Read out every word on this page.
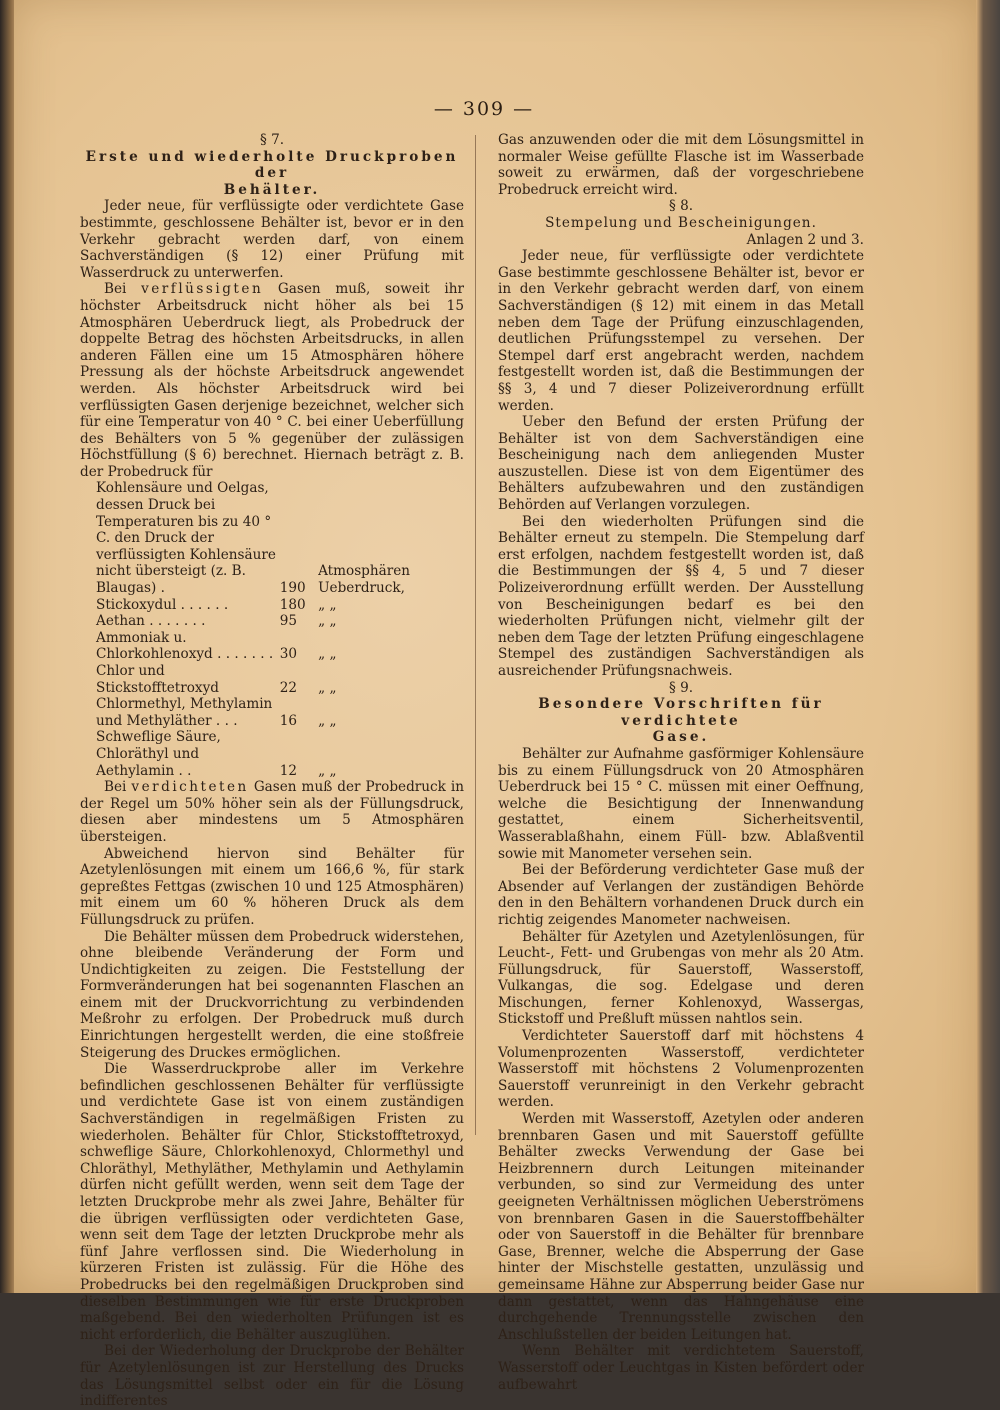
— 309 —

§ 7.

Erste und wiederholte Druckproben der

Behälter.

Jeder neue, für verflüssigte oder verdichtete Gase bestimmte, geschlossene Behälter ist, bevor er in den Verkehr gebracht werden darf, von einem Sachverständigen (§ 12) einer Prüfung mit Wasserdruck zu unterwerfen.

Bei verflüssigten Gasen muß, soweit ihr höchster Arbeitsdruck nicht höher als bei 15 Atmosphären Ueberdruck liegt, als Probedruck der doppelte Betrag des höchsten Arbeitsdrucks, in allen anderen Fällen eine um 15 Atmosphären höhere Pressung als der höchste Arbeitsdruck angewendet werden. Als höchster Arbeitsdruck wird bei verflüssigten Gasen derjenige bezeichnet, welcher sich für eine Temperatur von 40 ° C. bei einer Ueberfüllung des Behälters von 5 % gegenüber der zulässigen Höchstfüllung (§ 6) berechnet. Hiernach beträgt z. B. der Probedruck für

Kohlensäure und Oelgas, dessen Druck bei Temperaturen bis zu 40 ° C. den Druck der verflüssigten Kohlensäure nicht übersteigt (z. B. Blaugas) .	190	Atmosphären Ueberdruck,
Stickoxydul . . . . . .	180	„ „
Aethan . . . . . . .	95	„ „
Ammoniak u. Chlorkohlenoxyd . . . . . . .	30	„ „
Chlor und Stickstofftetroxyd	22	„ „
Chlormethyl, Methylamin und Methyläther . . .	16	„ „
Schweflige Säure, Chloräthyl und Aethylamin . .	12	„ „

Bei verdichteten Gasen muß der Probedruck in der Regel um 50% höher sein als der Füllungsdruck, diesen aber mindestens um 5 Atmosphären übersteigen.

Abweichend hiervon sind Behälter für Azetylenlösungen mit einem um 166,6 %, für stark gepreßtes Fettgas (zwischen 10 und 125 Atmosphären) mit einem um 60 % höheren Druck als dem Füllungsdruck zu prüfen.

Die Behälter müssen dem Probedruck widerstehen, ohne bleibende Veränderung der Form und Undichtigkeiten zu zeigen. Die Feststellung der Formveränderungen hat bei sogenannten Flaschen an einem mit der Druckvorrichtung zu verbindenden Meßrohr zu erfolgen. Der Probedruck muß durch Einrichtungen hergestellt werden, die eine stoßfreie Steigerung des Druckes ermöglichen.

Die Wasserdruckprobe aller im Verkehre befindlichen geschlossenen Behälter für verflüssigte und verdichtete Gase ist von einem zuständigen Sachverständigen in regelmäßigen Fristen zu wiederholen. Behälter für Chlor, Stickstofftetroxyd, schweflige Säure, Chlorkohlenoxyd, Chlormethyl und Chloräthyl, Methyläther, Methylamin und Aethylamin dürfen nicht gefüllt werden, wenn seit dem Tage der letzten Druckprobe mehr als zwei Jahre, Behälter für die übrigen verflüssigten oder verdichteten Gase, wenn seit dem Tage der letzten Druckprobe mehr als fünf Jahre verflossen sind. Die Wiederholung in kürzeren Fristen ist zulässig. Für die Höhe des Probedrucks bei den regelmäßigen Druckproben sind dieselben Bestimmungen wie für erste Druckproben maßgebend. Bei den wiederholten Prüfungen ist es nicht erforderlich, die Behälter auszuglühen.

Bei der Wiederholung der Druckprobe der Behälter für Azetylenlösungen ist zur Herstellung des Drucks das Lösungsmittel selbst oder ein für die Lösung indifferentes

Gas anzuwenden oder die mit dem Lösungsmittel in normaler Weise gefüllte Flasche ist im Wasserbade soweit zu erwärmen, daß der vorgeschriebene Probedruck erreicht wird.

§ 8.

Stempelung und Bescheinigungen.

Anlagen 2 und 3.

Jeder neue, für verflüssigte oder verdichtete Gase bestimmte geschlossene Behälter ist, bevor er in den Verkehr gebracht werden darf, von einem Sachverständigen (§ 12) mit einem in das Metall neben dem Tage der Prüfung einzuschlagenden, deutlichen Prüfungsstempel zu versehen. Der Stempel darf erst angebracht werden, nachdem festgestellt worden ist, daß die Bestimmungen der §§ 3, 4 und 7 dieser Polizeiverordnung erfüllt werden.

Ueber den Befund der ersten Prüfung der Behälter ist von dem Sachverständigen eine Bescheinigung nach dem anliegenden Muster auszustellen. Diese ist von dem Eigentümer des Behälters aufzubewahren und den zuständigen Behörden auf Verlangen vorzulegen.

Bei den wiederholten Prüfungen sind die Behälter erneut zu stempeln. Die Stempelung darf erst erfolgen, nachdem festgestellt worden ist, daß die Bestimmungen der §§ 4, 5 und 7 dieser Polizeiverordnung erfüllt werden. Der Ausstellung von Bescheinigungen bedarf es bei den wiederholten Prüfungen nicht, vielmehr gilt der neben dem Tage der letzten Prüfung eingeschlagene Stempel des zuständigen Sachverständigen als ausreichender Prüfungsnachweis.

§ 9.

Besondere Vorschriften für verdichtete

Gase.

Behälter zur Aufnahme gasförmiger Kohlensäure bis zu einem Füllungsdruck von 20 Atmosphären Ueberdruck bei 15 ° C. müssen mit einer Oeffnung, welche die Besichtigung der Innenwandung gestattet, einem Sicherheitsventil, Wasserablaßhahn, einem Füll- bzw. Ablaßventil sowie mit Manometer versehen sein.

Bei der Beförderung verdichteter Gase muß der Absender auf Verlangen der zuständigen Behörde den in den Behältern vorhandenen Druck durch ein richtig zeigendes Manometer nachweisen.

Behälter für Azetylen und Azetylenlösungen, für Leucht-, Fett- und Grubengas von mehr als 20 Atm. Füllungsdruck, für Sauerstoff, Wasserstoff, Vulkangas, die sog. Edelgase und deren Mischungen, ferner Kohlenoxyd, Wassergas, Stickstoff und Preßluft müssen nahtlos sein.

Verdichteter Sauerstoff darf mit höchstens 4 Volumenprozenten Wasserstoff, verdichteter Wasserstoff mit höchstens 2 Volumenprozenten Sauerstoff verunreinigt in den Verkehr gebracht werden.

Werden mit Wasserstoff, Azetylen oder anderen brennbaren Gasen und mit Sauerstoff gefüllte Behälter zwecks Verwendung der Gase bei Heizbrennern durch Leitungen miteinander verbunden, so sind zur Vermeidung des unter geeigneten Verhältnissen möglichen Ueberströmens von brennbaren Gasen in die Sauerstoffbehälter oder von Sauerstoff in die Behälter für brennbare Gase, Brenner, welche die Absperrung der Gase hinter der Mischstelle gestatten, unzulässig und gemeinsame Hähne zur Absperrung beider Gase nur dann gestattet, wenn das Hahngehäuse eine durchgehende Trennungsstelle zwischen den Anschlußstellen der beiden Leitungen hat.

Wenn Behälter mit verdichtetem Sauerstoff, Wasserstoff oder Leuchtgas in Kisten befördert oder aufbewahrt
